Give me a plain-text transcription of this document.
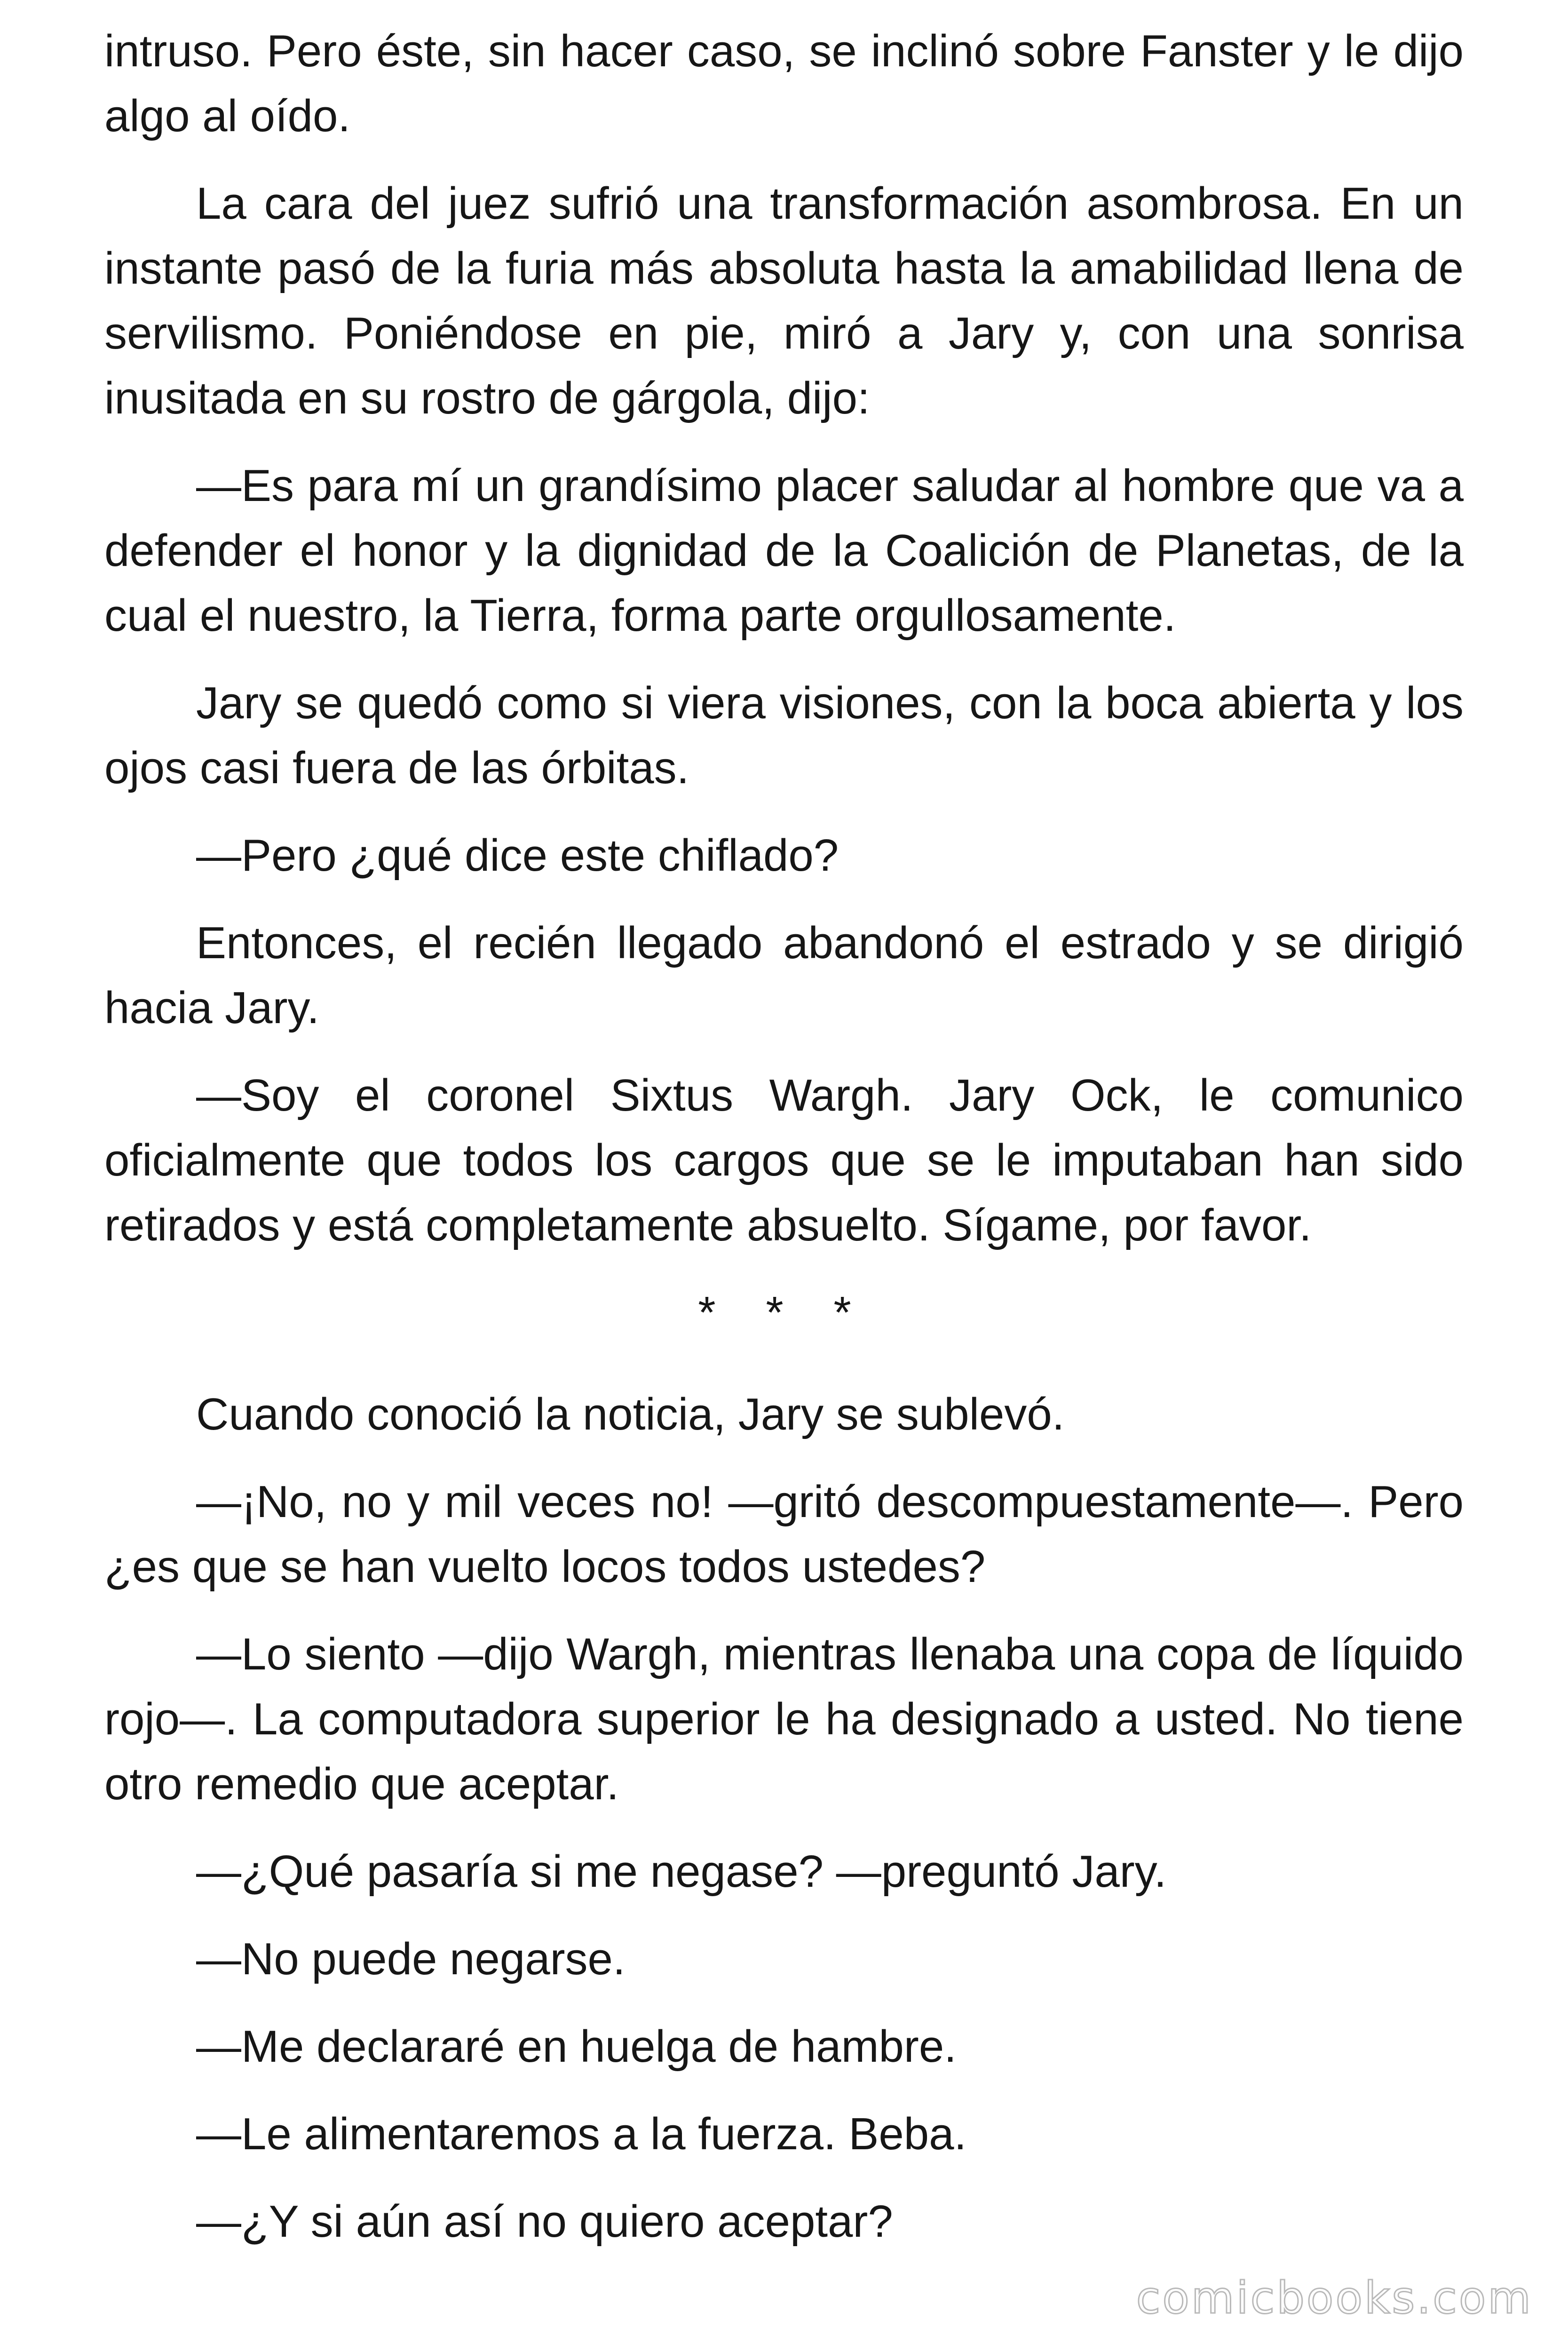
intruso. Pero éste, sin hacer caso, se inclinó sobre Fanster y le dijo algo al oído.

La cara del juez sufrió una transformación asombrosa. En un instante pasó de la furia más absoluta hasta la amabilidad llena de servilismo. Poniéndose en pie, miró a Jary y, con una sonrisa inusitada en su rostro de gárgola, dijo:

—Es para mí un grandísimo placer saludar al hombre que va a defender el honor y la dignidad de la Coalición de Planetas, de la cual el nuestro, la Tierra, forma parte orgullosamente.

Jary se quedó como si viera visiones, con la boca abierta y los ojos casi fuera de las órbitas.

—Pero ¿qué dice este chiflado?

Entonces, el recién llegado abandonó el estrado y se dirigió hacia Jary.

—Soy el coronel Sixtus Wargh. Jary Ock, le comunico oficialmente que todos los cargos que se le imputaban han sido retirados y está completamente absuelto. Sígame, por favor.

* * *

Cuando conoció la noticia, Jary se sublevó.

—¡No, no y mil veces no! —gritó descompuestamente—. Pero ¿es que se han vuelto locos todos ustedes?

—Lo siento —dijo Wargh, mientras llenaba una copa de líquido rojo—. La computadora superior le ha designado a usted. No tiene otro remedio que aceptar.

—¿Qué pasaría si me negase? —preguntó Jary.

—No puede negarse.

—Me declararé en huelga de hambre.

—Le alimentaremos a la fuerza. Beba.

—¿Y si aún así no quiero aceptar?

comicbooks.com
